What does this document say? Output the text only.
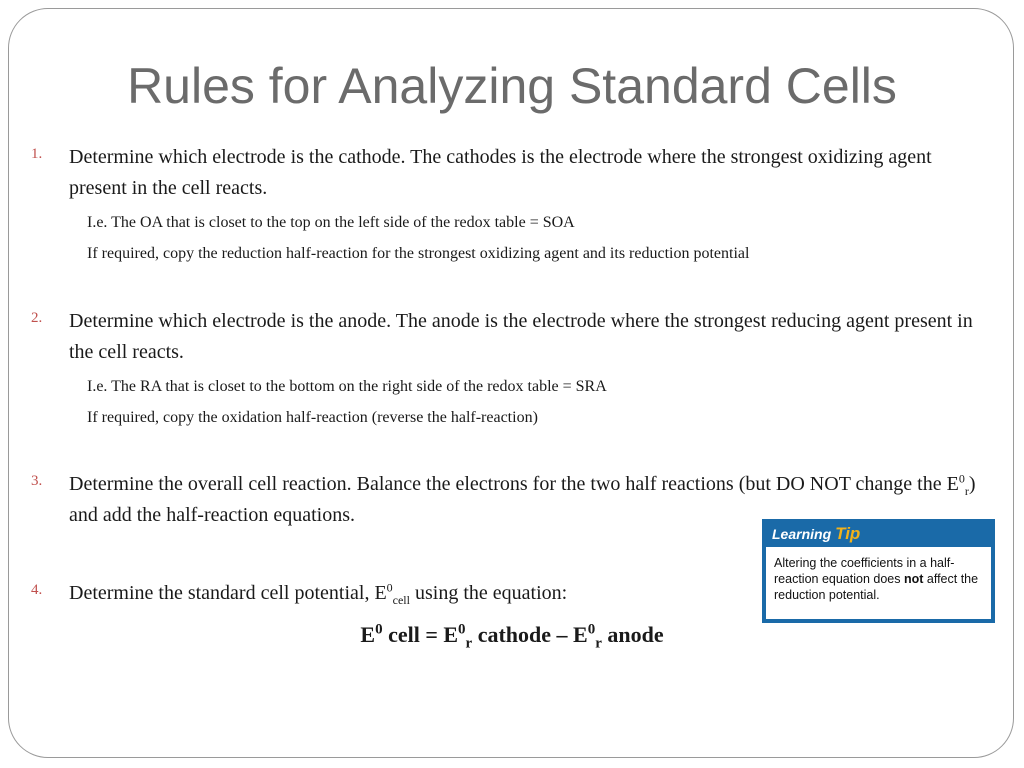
Rules for Analyzing Standard Cells
1. Determine which electrode is the cathode. The cathodes is the electrode where the strongest oxidizing agent present in the cell reacts.

I.e. The OA that is closet to the top on the left side of the redox table = SOA

If required, copy the reduction half-reaction for the strongest oxidizing agent and its reduction potential

2. Determine which electrode is the anode. The anode is the electrode where the strongest reducing agent present in the cell reacts.

I.e. The RA that is closet to the bottom on the right side of the redox table = SRA

If required, copy the oxidation half-reaction (reverse the half-reaction)

3. Determine the overall cell reaction. Balance the electrons for the two half reactions (but DO NOT change the $E^0_r$) and add the half-reaction equations.

4. Determine the standard cell potential, $E^0_{cell}$ using the equation:

$E^0$ cell = $E^0_r$ cathode – $E^0_r$ anode
Learning Tip
Altering the coefficients in a half-reaction equation does not affect the reduction potential.
